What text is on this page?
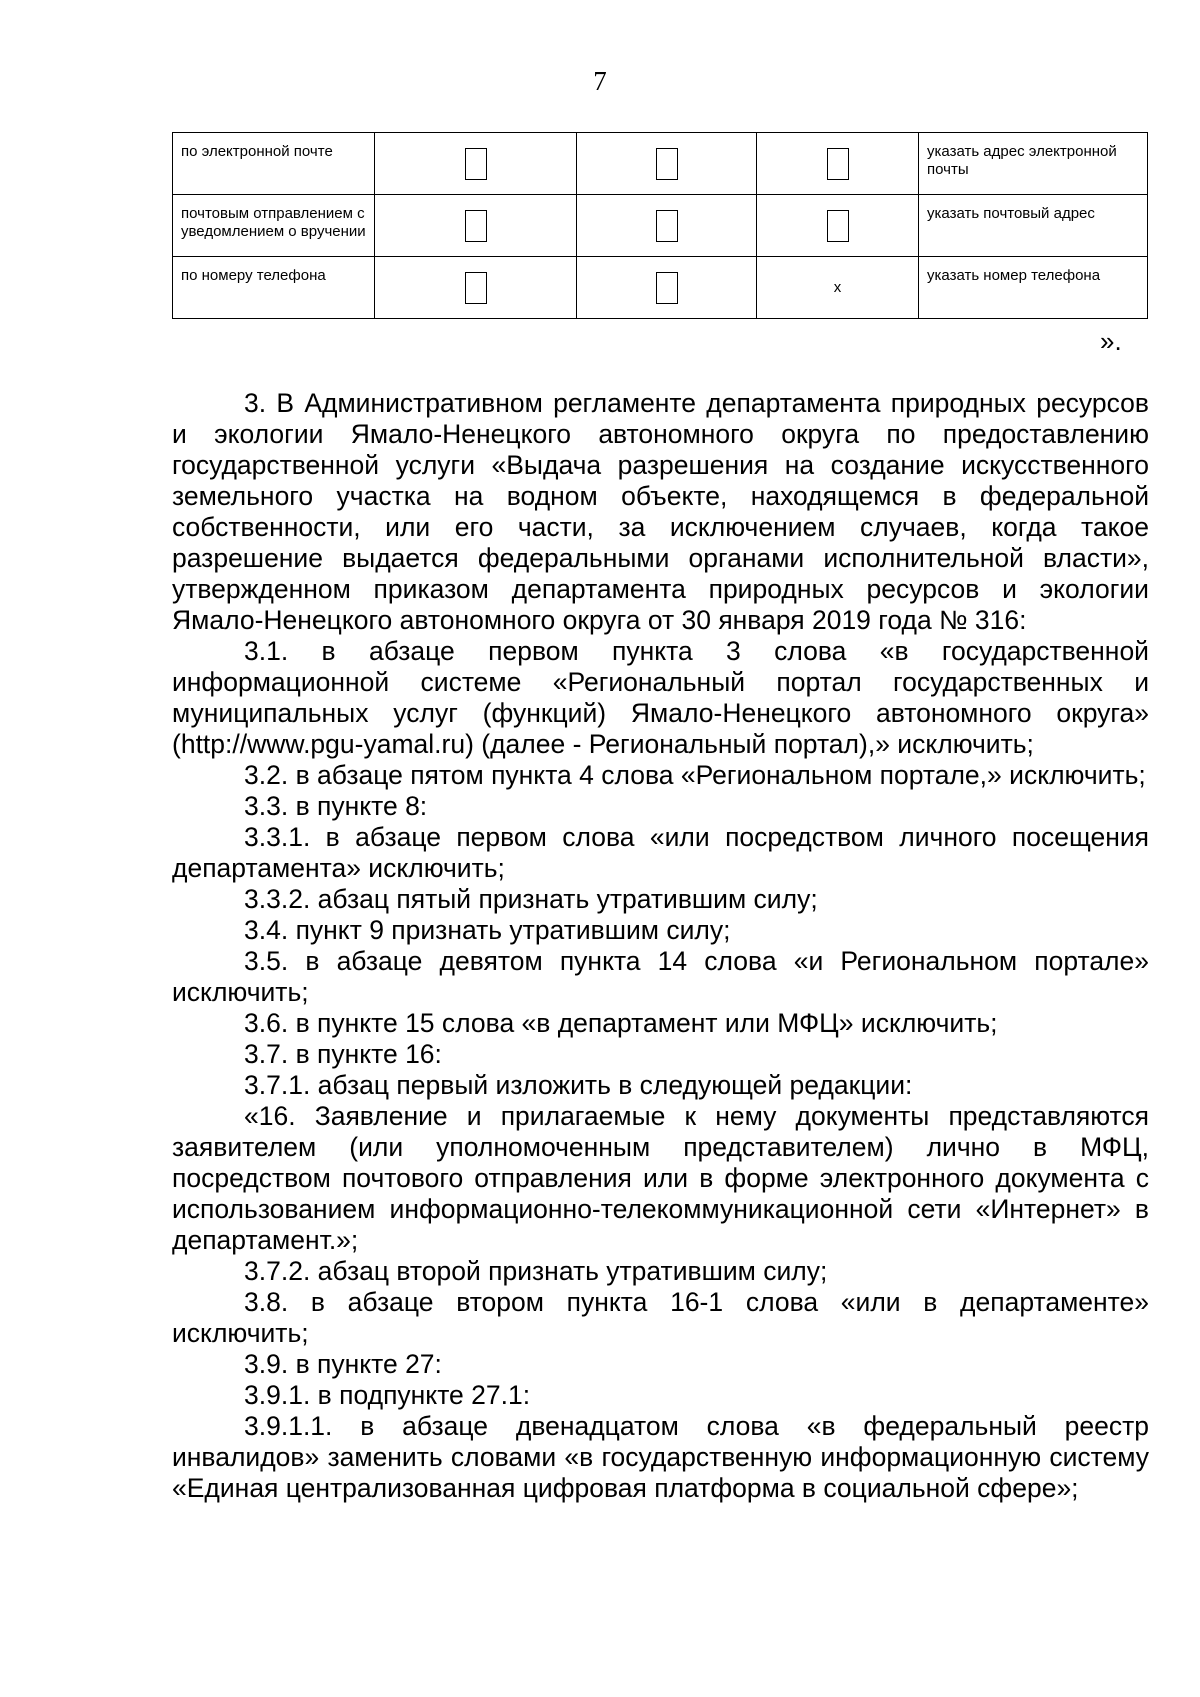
7
по электронной почте				указать адрес электронной почты
почтовым отправлением с уведомлением о вручении				указать почтовый адрес
по номеру телефона			х	указать номер телефона
».

3. В Административном регламенте департамента природных ресурсов и экологии Ямало-Ненецкого автономного округа по предоставлению государственной услуги «Выдача разрешения на создание искусственного земельного участка на водном объекте, находящемся в федеральной собственности, или его части, за исключением случаев, когда такое разрешение выдается федеральными органами исполнительной власти», утвержденном приказом департамента природных ресурсов и экологии Ямало-Ненецкого автономного округа от 30 января 2019 года № 316:

3.1. в абзаце первом пункта 3 слова «в государственной информационной системе «Региональный портал государственных и муниципальных услуг (функций) Ямало-Ненецкого автономного округа» (http://www.pgu-yamal.ru) (далее - Региональный портал),» исключить;

3.2. в абзаце пятом пункта 4 слова «Региональном портале,» исключить;

3.3. в пункте 8:

3.3.1. в абзаце первом слова «или посредством личного посещения департамента» исключить;

3.3.2. абзац пятый признать утратившим силу;

3.4. пункт 9 признать утратившим силу;

3.5. в абзаце девятом пункта 14 слова «и Региональном портале» исключить;

3.6. в пункте 15 слова «в департамент или МФЦ» исключить;

3.7. в пункте 16:

3.7.1. абзац первый изложить в следующей редакции:

«16. Заявление и прилагаемые к нему документы представляются заявителем (или уполномоченным представителем) лично в МФЦ, посредством почтового отправления или в форме электронного документа с использованием информационно-телекоммуникационной сети «Интернет» в департамент.»;

3.7.2. абзац второй признать утратившим силу;

3.8. в абзаце втором пункта 16-1 слова «или в департаменте» исключить;

3.9. в пункте 27:

3.9.1. в подпункте 27.1:

3.9.1.1. в абзаце двенадцатом слова «в федеральный реестр инвалидов» заменить словами «в государственную информационную систему «Единая централизованная цифровая платформа в социальной сфере»;
